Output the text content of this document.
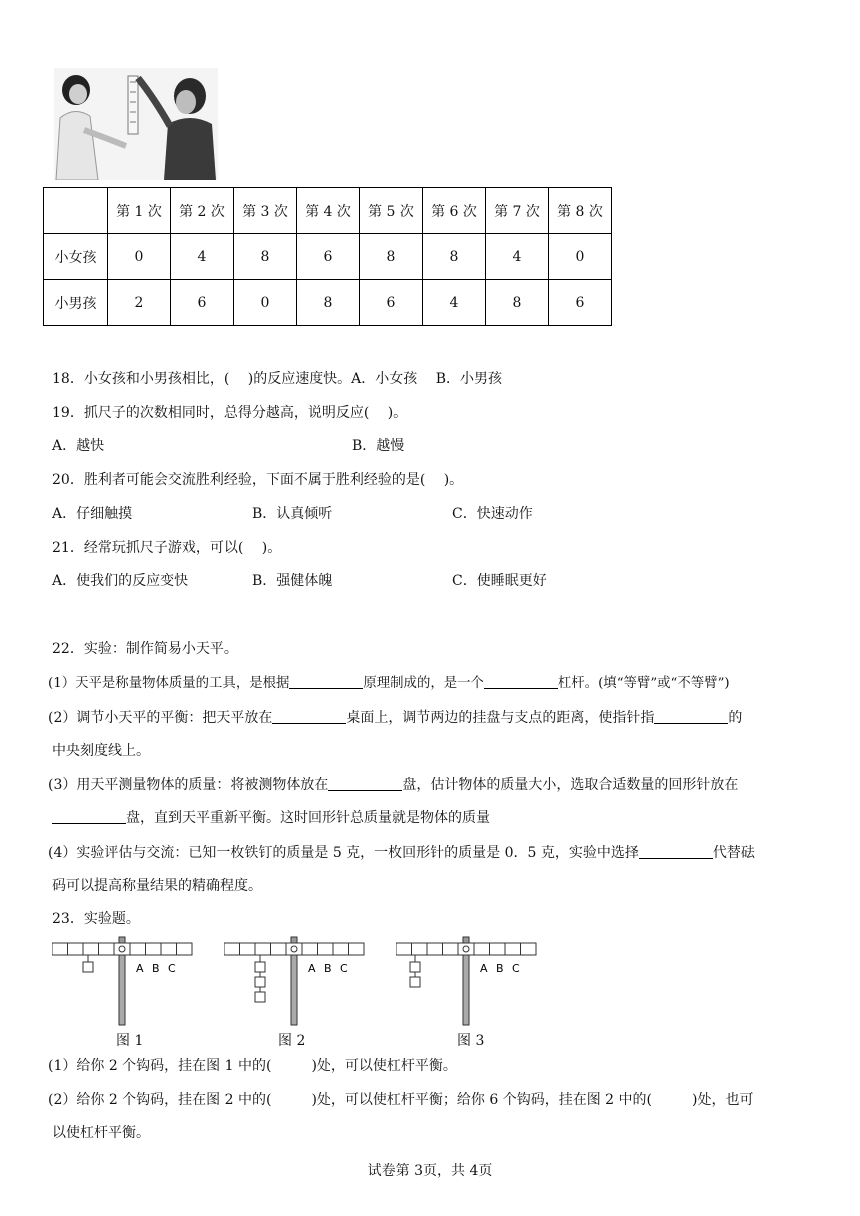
	第 1 次	第 2 次	第 3 次	第 4 次	第 5 次	第 6 次	第 7 次	第 8 次
小女孩	0	4	8	6	8	8	4	0
小男孩	2	6	0	8	6	4	8	6
18．小女孩和小男孩相比，(　 )的反应速度快。A．小女孩　 B．小男孩
19．抓尺子的次数相同时，总得分越高，说明反应(　 )。
A．越快	B．越慢
20．胜利者可能会交流胜利经验，下面不属于胜利经验的是(　 )。
A．仔细触摸	B．认真倾听	C．快速动作
21．经常玩抓尺子游戏，可以(　 )。
A．使我们的反应变快	B．强健体魄	C．使睡眠更好
22．实验：制作简易小天平。
(1）天平是称量物体质量的工具，是根据	原理制成的，是一个	杠杆。(填“等臂”或“不等臂”)
(2）调节小天平的平衡：把天平放在	桌面上，调节两边的挂盘与支点的距离，使指针指	的
中央刻度线上。
(3）用天平测量物体的质量：将被测物体放在	盘，估计物体的质量大小，选取合适数量的回形针放在
盘，直到天平重新平衡。这时回形针总质量就是物体的质量
(4）实验评估与交流：已知一枚铁钉的质量是 5 克，一枚回形针的质量是 0．5 克，实验中选择	代替砝
码可以提高称量结果的精确程度。
23．实验题。
A B C
图 1
A B C
图 2
A B C
图 3
(1）给你 2 个钩码，挂在图 1 中的(	)处，可以使杠杆平衡。
(2）给你 2 个钩码，挂在图 2 中的(	)处，可以使杠杆平衡；给你 6 个钩码，挂在图 2 中的(	)处，也可
以使杠杆平衡。
试卷第 3页，共 4页
